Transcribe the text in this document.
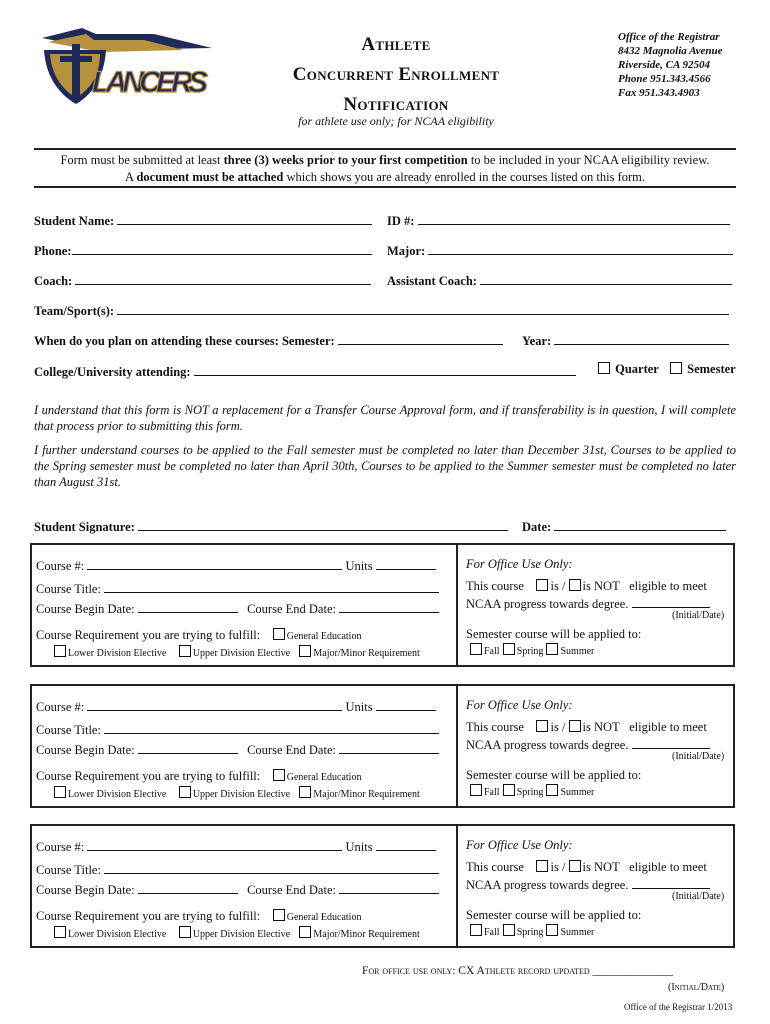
LANCERS
Athlete
Concurrent Enrollment
Notification
Office of the Registrar
8432 Magnolia Avenue
Riverside, CA 92504
Phone 951.343.4566
Fax 951.343.4903
for athlete use only; for NCAA eligibility
Form must be submitted at least three (3) weeks prior to your first competition to be included in your NCAA eligibility review.
A document must be attached which shows you are already enrolled in the courses listed on this form.
Student Name:	ID #:
Phone:	Major:
Coach:	Assistant Coach:
Team/Sport(s):
When do you plan on attending these courses: Semester:	Year:
College/University attending:	Quarter	Semester
I understand that this form is NOT a replacement for a Transfer Course Approval form, and if transferability is in question, I will complete that process prior to submitting this form.
I further understand courses to be applied to the Fall semester must be completed no later than December 31st, Courses to be applied to the Spring semester must be completed no later than April 30th, Courses to be applied to the Summer semester must be completed no later than August 31st.
Student Signature:	Date:
Course #:	Units
Course Title:
Course Begin Date:	Course End Date:
Course Requirement you are trying to fulfill:	General Education
Lower Division Elective	Upper Division Elective Major/Minor Requirement
For Office Use Only:
This course is / is NOT eligible to meet
NCAA progress towards degree.
(Initial/Date)
Semester course will be applied to:
Fall Spring Summer
Course #:	Units
Course Title:
Course Begin Date:	Course End Date:
Course Requirement you are trying to fulfill:	General Education
Lower Division Elective	Upper Division Elective Major/Minor Requirement
For Office Use Only:
This course is / is NOT eligible to meet
NCAA progress towards degree.
(Initial/Date)
Semester course will be applied to:
Fall Spring Summer
Course #:	Units
Course Title:
Course Begin Date:	Course End Date:
Course Requirement you are trying to fulfill:	General Education
Lower Division Elective	Upper Division Elective Major/Minor Requirement
For Office Use Only:
This course is / is NOT eligible to meet
NCAA progress towards degree.
(Initial/Date)
Semester course will be applied to:
Fall Spring Summer
For office use only: CX Athlete record updated ______________
(Initial/Date)
Office of the Registrar 1/2013
